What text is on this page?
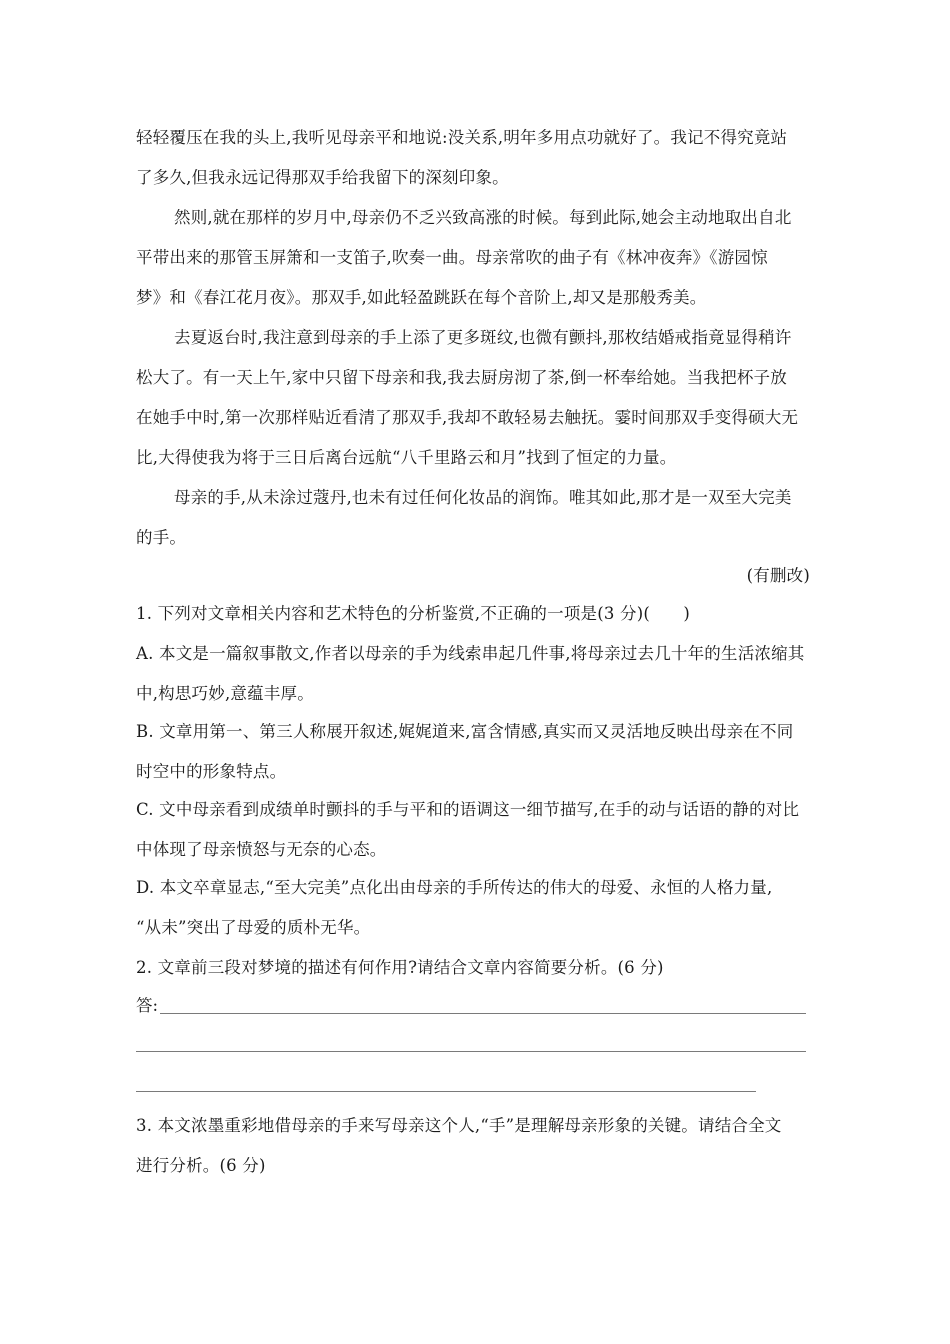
轻轻覆压在我的头上,我听见母亲平和地说:没关系,明年多用点功就好了。我记不得究竟站
了多久,但我永远记得那双手给我留下的深刻印象。
然则,就在那样的岁月中,母亲仍不乏兴致高涨的时候。每到此际,她会主动地取出自北
平带出来的那管玉屏箫和一支笛子,吹奏一曲。母亲常吹的曲子有《林冲夜奔》《游园惊
梦》和《春江花月夜》。那双手,如此轻盈跳跃在每个音阶上,却又是那般秀美。
去夏返台时,我注意到母亲的手上添了更多斑纹,也微有颤抖,那枚结婚戒指竟显得稍许
松大了。有一天上午,家中只留下母亲和我,我去厨房沏了茶,倒一杯奉给她。当我把杯子放
在她手中时,第一次那样贴近看清了那双手,我却不敢轻易去触抚。霎时间那双手变得硕大无
比,大得使我为将于三日后离台远航“八千里路云和月”找到了恒定的力量。
母亲的手,从未涂过蔻丹,也未有过任何化妆品的润饰。唯其如此,那才是一双至大完美
的手。
(有删改)
1. 下列对文章相关内容和艺术特色的分析鉴赏,不正确的一项是(3 分)(　　)
A. 本文是一篇叙事散文,作者以母亲的手为线索串起几件事,将母亲过去几十年的生活浓缩其
中,构思巧妙,意蕴丰厚。
B. 文章用第一、第三人称展开叙述,娓娓道来,富含情感,真实而又灵活地反映出母亲在不同
时空中的形象特点。
C. 文中母亲看到成绩单时颤抖的手与平和的语调这一细节描写,在手的动与话语的静的对比
中体现了母亲愤怒与无奈的心态。
D. 本文卒章显志,“至大完美”点化出由母亲的手所传达的伟大的母爱、永恒的人格力量,
“从未”突出了母爱的质朴无华。
2. 文章前三段对梦境的描述有何作用?请结合文章内容简要分析。(6 分)
答:
3. 本文浓墨重彩地借母亲的手来写母亲这个人,“手”是理解母亲形象的关键。请结合全文
进行分析。(6 分)
